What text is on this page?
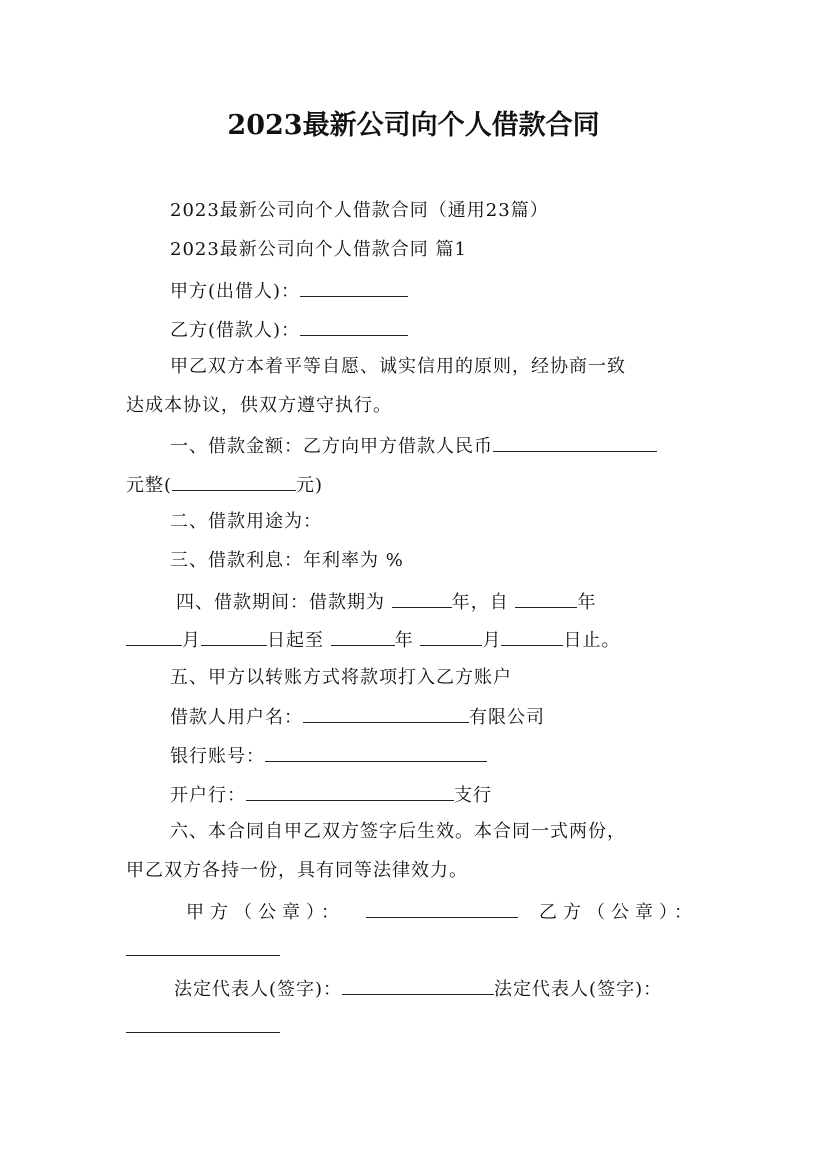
2023最新公司向个人借款合同
2023最新公司向个人借款合同（通用23篇）
2023最新公司向个人借款合同 篇1
甲方(出借人)：
乙方(借款人)：
甲乙双方本着平等自愿、诚实信用的原则，经协商一致
达成本协议，供双方遵守执行。
一、借款金额：乙方向甲方借款人民币
元整(	元)
二、借款用途为：
三、借款利息：年利率为 %
四、借款期间：借款期为	年，自	年
月	日起至	年	月	日止。
五、甲方以转账方式将款项打入乙方账户
借款人用户名：	有限公司
银行账号：
开户行：	支行
六、本合同自甲乙双方签字后生效。本合同一式两份，
甲乙双方各持一份，具有同等法律效力。
甲方（公章）：	乙方（公章）：
法定代表人(签字)：	法定代表人(签字)：
